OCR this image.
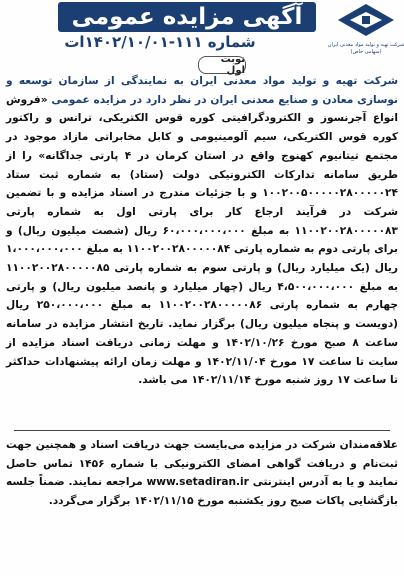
شرکت تهیه و تولید مواد معدنی ایران
(سهامی خاص)
آگهی مزایده عمومی
شماره ۱۱۱-۱۴۰۲/۱۰/۰۱ات
نوبت اول
شرکت تهیه و تولید مواد معدنی ایران به نمایندگی از سازمان توسعه و نوسازی معادن و صنایع معدنی ایران در نظر دارد در مزایده عمومی «فروش انواع آجرنسوز و الکترودگرافیتی کوره قوس الکتریکی، ترانس و راکتور کوره قوس الکتریکی، سیم آلومینیومی و کابل مخابراتی مازاد موجود در مجتمع تیتانیوم کهنوج واقع در استان کرمان در ۴ پارتی جداگانه» را از طریق سامانه تدارکات الکترونیکی دولت (ستاد) به شماره ثبت ستاد ۱۰۰۲۰۰۵۰۰۰۰۰۲۸۰۰۰۰۰۲۴ و با جزئیات مندرج در اسناد مزایده و با تضمین شرکت در فرآیند ارجاع کار برای پارتی اول به شماره پارتی ۱۱۰۰۲۰۰۲۸۰۰۰۰۰۸۳ به مبلغ ۶۰،۰۰۰،۰۰۰،۰۰۰ ریال (شصت میلیون ریال) و برای پارتی دوم به شماره پارتی ۱۱۰۰۲۰۰۲۸۰۰۰۰۰۸۴ به مبلغ ۱،۰۰۰،۰۰۰،۰۰۰ ریال (یک میلیارد ریال) و پارتی سوم به شماره پارتی ۱۱۰۰۲۰۰۲۸۰۰۰۰۰۸۵ به مبلغ ۴،۵۰۰،۰۰۰،۰۰۰ ریال (چهار میلیارد و پانصد میلیون ریال) و پارتی چهارم به شماره پارتی ۱۱۰۰۲۰۰۲۸۰۰۰۰۰۸۶ به مبلغ ۲۵۰،۰۰۰،۰۰۰ ریال (دویست و پنجاه میلیون ریال) برگزار نماید. تاریخ انتشار مزایده در سامانه ساعت ۸ صبح مورخ ۱۴۰۲/۱۰/۲۶ و مهلت زمانی دریافت اسناد مزایده از سایت تا ساعت ۱۷ مورخ ۱۴۰۲/۱۱/۰۴ و مهلت زمان ارائه پیشنهادات حداکثر تا ساعت ۱۷ روز شنبه مورخ ۱۴۰۲/۱۱/۱۴ می باشد.
علاقه‌مندان شرکت در مزایده می‌بایست جهت دریافت اسناد و همچنین جهت ثبت‌نام و دریافت گواهی امضای الکترونیکی با شماره ۱۴۵۶ تماس حاصل نمایند و یا به آدرس اینترنتی www.setadiran.ir مراجعه نمایند. ضمناً جلسه بازگشایی پاکات صبح روز یکشنبه مورخ ۱۴۰۲/۱۱/۱۵ برگزار می‌گردد.
